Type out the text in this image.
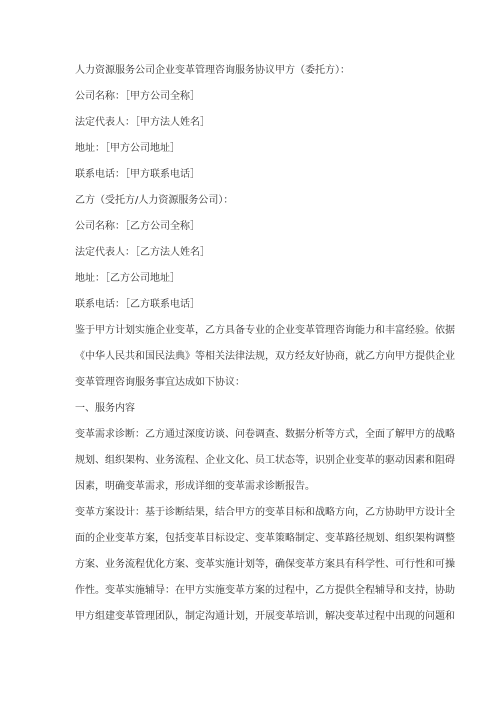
人力资源服务公司企业变革管理咨询服务协议甲方（委托方）：

公司名称：［甲方公司全称］

法定代表人：［甲方法人姓名］

地址：［甲方公司地址］

联系电话：［甲方联系电话］

乙方（受托方/人力资源服务公司）：

公司名称：［乙方公司全称］

法定代表人：［乙方法人姓名］

地址：［乙方公司地址］

联系电话：［乙方联系电话］

鉴于甲方计划实施企业变革，乙方具备专业的企业变革管理咨询能力和丰富经验。依据

《中华人民共和国民法典》等相关法律法规，双方经友好协商，就乙方向甲方提供企业

变革管理咨询服务事宜达成如下协议：

一、服务内容

变革需求诊断：乙方通过深度访谈、问卷调查、数据分析等方式，全面了解甲方的战略

规划、组织架构、业务流程、企业文化、员工状态等，识别企业变革的驱动因素和阻碍

因素，明确变革需求，形成详细的变革需求诊断报告。

变革方案设计：基于诊断结果，结合甲方的变革目标和战略方向，乙方协助甲方设计全

面的企业变革方案，包括变革目标设定、变革策略制定、变革路径规划、组织架构调整

方案、业务流程优化方案、变革实施计划等，确保变革方案具有科学性、可行性和可操

作性。变革实施辅导：在甲方实施变革方案的过程中，乙方提供全程辅导和支持，协助

甲方组建变革管理团队，制定沟通计划，开展变革培训，解决变革过程中出现的问题和
